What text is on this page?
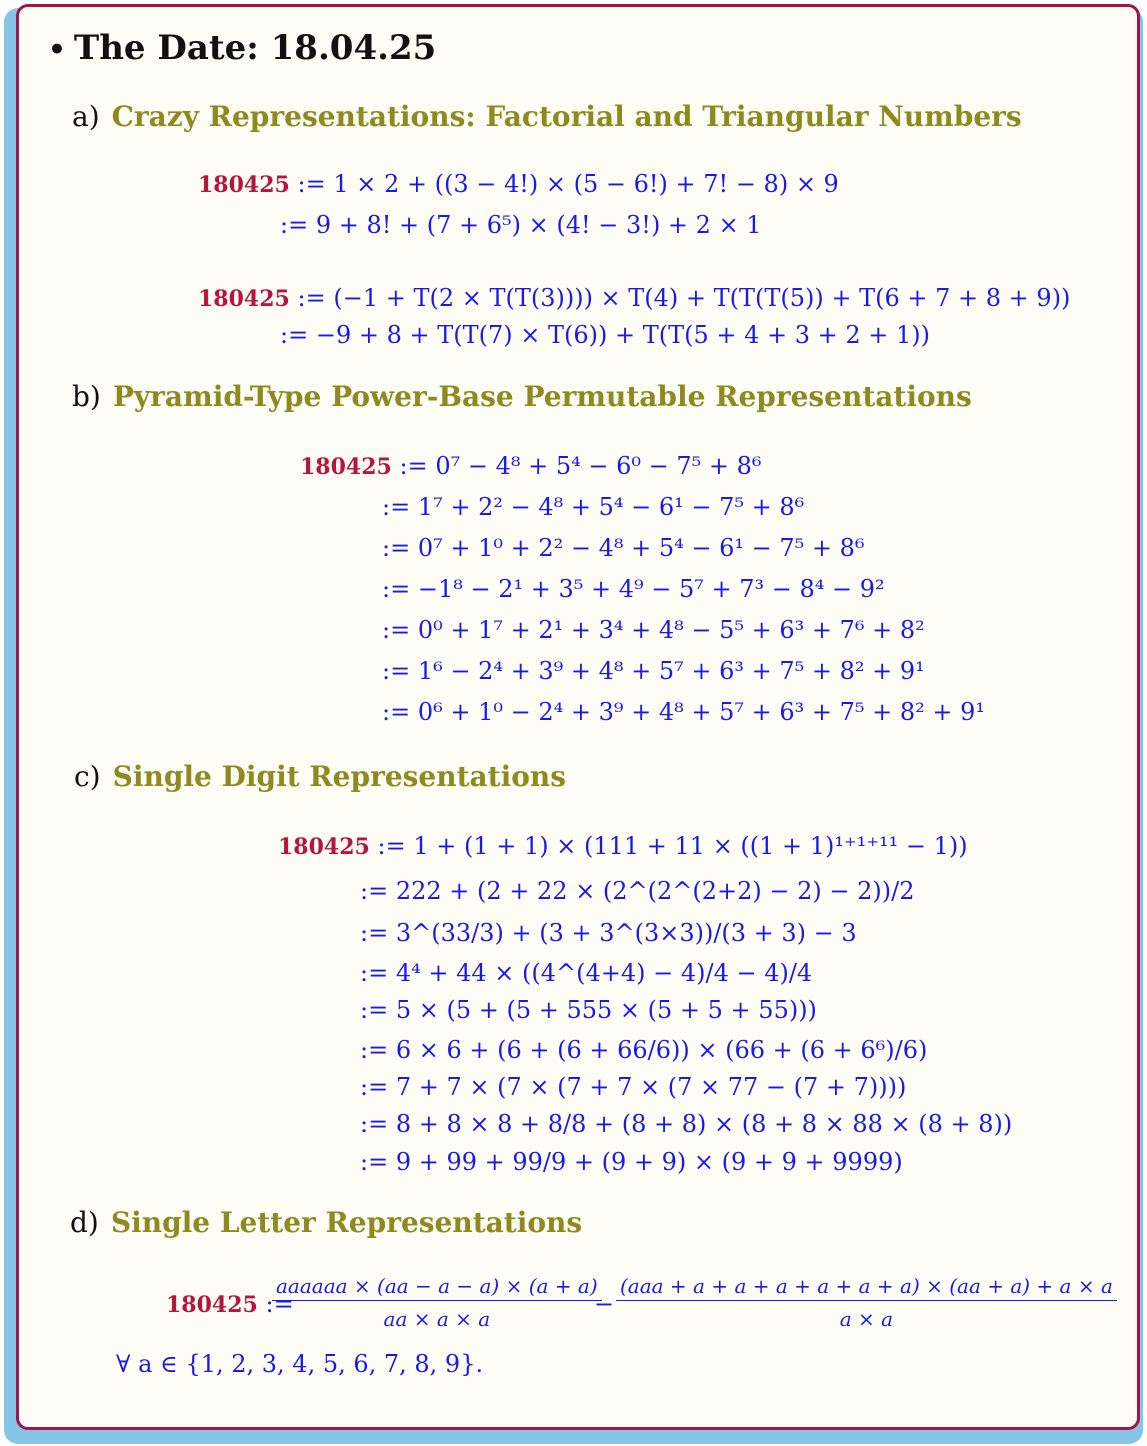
• The Date: 18.04.25
a) Crazy Representations: Factorial and Triangular Numbers
180425 := 1 × 2 + ((3 − 4!) × (5 − 6!) + 7! − 8) × 9
:= 9 + 8! + (7 + 6⁵) × (4! − 3!) + 2 × 1
180425 := (−1 + T(2 × T(T(3)))) × T(4) + T(T(T(5)) + T(6 + 7 + 8 + 9))
:= −9 + 8 + T(T(7) × T(6)) + T(T(5 + 4 + 3 + 2 + 1))
b) Pyramid-Type Power-Base Permutable Representations
180425 := 0⁷ − 4⁸ + 5⁴ − 6⁰ − 7⁵ + 8⁶
:= 1⁷ + 2² − 4⁸ + 5⁴ − 6¹ − 7⁵ + 8⁶
:= 0⁷ + 1⁰ + 2² − 4⁸ + 5⁴ − 6¹ − 7⁵ + 8⁶
:= −1⁸ − 2¹ + 3⁵ + 4⁹ − 5⁷ + 7³ − 8⁴ − 9²
:= 0⁰ + 1⁷ + 2¹ + 3⁴ + 4⁸ − 5⁵ + 6³ + 7⁶ + 8²
:= 1⁶ − 2⁴ + 3⁹ + 4⁸ + 5⁷ + 6³ + 7⁵ + 8² + 9¹
:= 0⁶ + 1⁰ − 2⁴ + 3⁹ + 4⁸ + 5⁷ + 6³ + 7⁵ + 8² + 9¹
c) Single Digit Representations
180425 := 1 + (1 + 1) × (111 + 11 × ((1 + 1)¹⁺¹⁺¹¹ − 1))
:= 222 + (2 + 22 × (2^(2^(2+2) − 2) − 2))/2
:= 3^(33/3) + (3 + 3^(3×3))/(3 + 3) − 3
:= 4⁴ + 44 × ((4^(4+4) − 4)/4 − 4)/4
:= 5 × (5 + (5 + 555 × (5 + 5 + 55)))
:= 6 × 6 + (6 + (6 + 66/6)) × (66 + (6 + 6⁶)/6)
:= 7 + 7 × (7 × (7 + 7 × (7 × 77 − (7 + 7))))
:= 8 + 8 × 8 + 8/8 + (8 + 8) × (8 + 8 × 88 × (8 + 8))
:= 9 + 99 + 99/9 + (9 + 9) × (9 + 9 + 9999)
d) Single Letter Representations
180425 :=
aaaaaa × (aa − a − a) × (a + a)
aa × a × a
−
(aaa + a + a + a + a + a + a) × (aa + a) + a × a
a × a
∀ a ∈ {1, 2, 3, 4, 5, 6, 7, 8, 9}.
